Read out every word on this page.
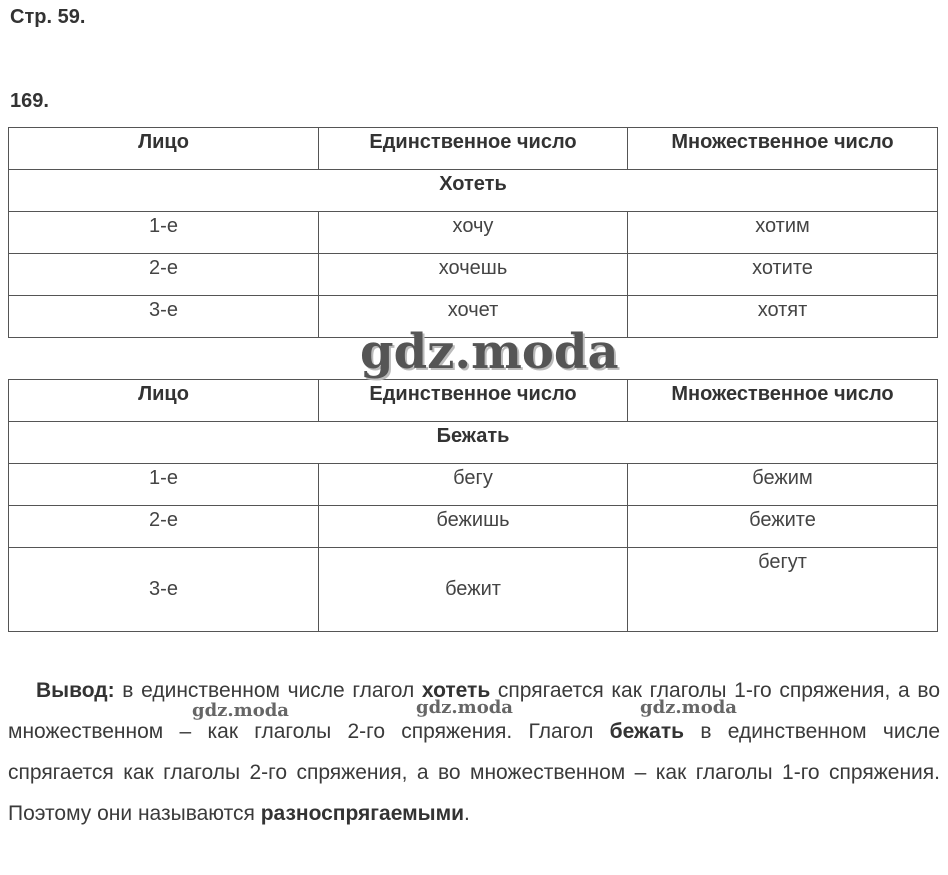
Стр. 59.
169.
Лицо	Единственное число	Множественное число
Хотеть		
1-е	хочу	хотим
2-е	хочешь	хотите
3-е	хочет	хотят
Лицо	Единственное число	Множественное число
Бежать		
1-е	бегу	бежим
2-е	бежишь	бежите
3-е	бежит	бегут
gdz.moda
gdz.moda	gdz.moda	gdz.moda
Вывод: в единственном числе глагол хотеть спрягается как глаголы 1-го спряжения, а во множественном – как глаголы 2-го спряжения. Глагол бежать в единственном числе спрягается как глаголы 2-го спряжения, а во множественном – как глаголы 1-го спряжения. Поэтому они называются разноспрягаемыми.
